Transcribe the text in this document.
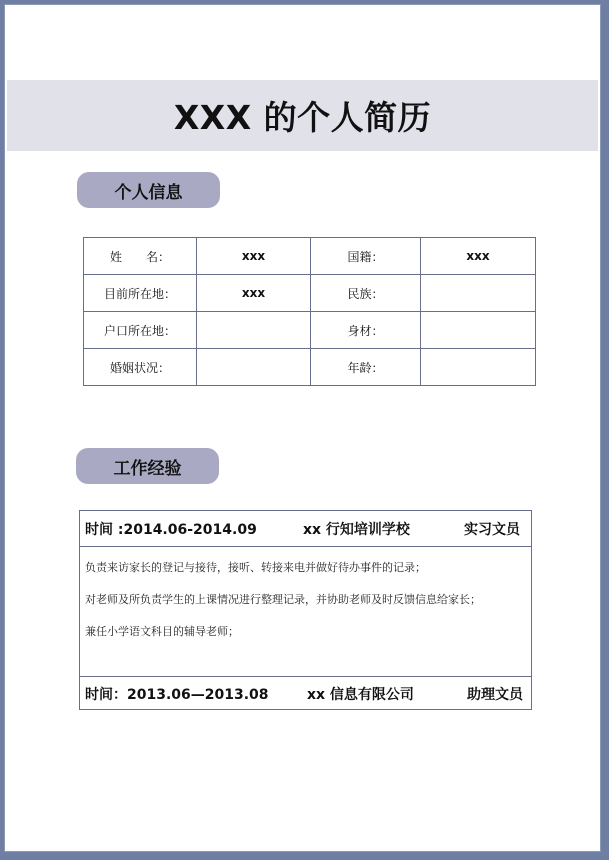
XXX 的个人简历
个人信息
姓　　名：	xxx	国籍：	xxx
目前所在地：	xxx	民族：	
户口所在地：		身材：	
婚姻状况：		年龄：	
工作经验
时间 :2014.06-2014.09	xx 行知培训学校	实习文员

负责来访家长的登记与接待，接听、转接来电并做好待办事件的记录；

对老师及所负责学生的上课情况进行整理记录，并协助老师及时反馈信息给家长；

兼任小学语文科目的辅导老师；

时间：2013.06—2013.08	xx 信息有限公司	助理文员
